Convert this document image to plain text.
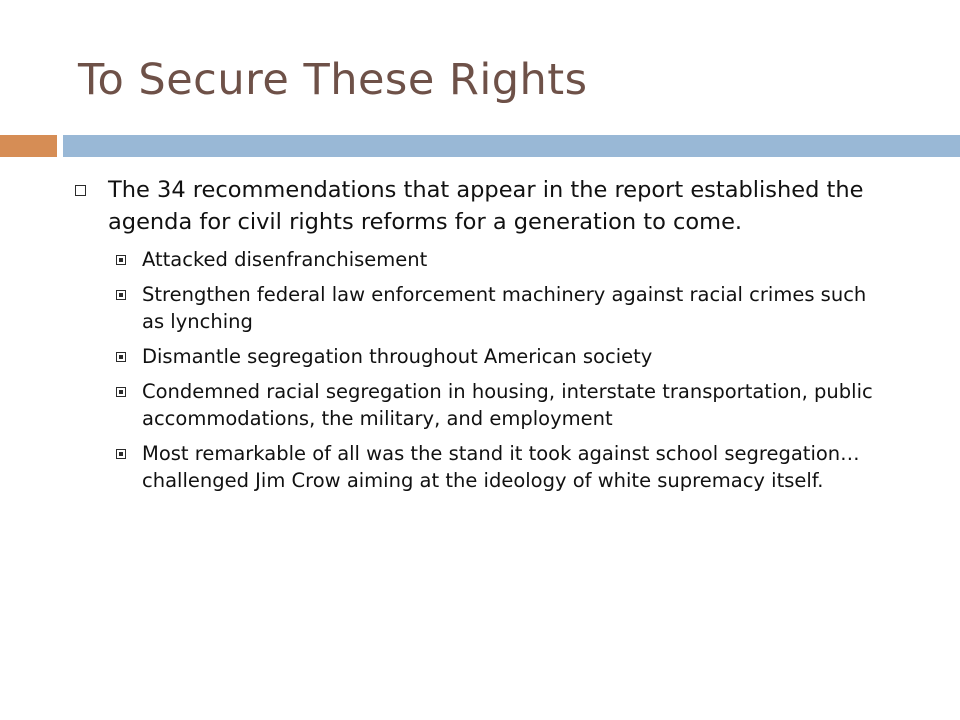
To Secure These Rights
The 34 recommendations that appear in the report established the agenda for civil rights reforms for a generation to come.
Attacked disenfranchisement
Strengthen federal law enforcement machinery against racial crimes such as lynching
Dismantle segregation throughout American society
Condemned racial segregation in housing, interstate transportation, public accommodations, the military, and employment
Most remarkable of all was the stand it took against school segregation…challenged Jim Crow aiming at the ideology of white supremacy itself.
